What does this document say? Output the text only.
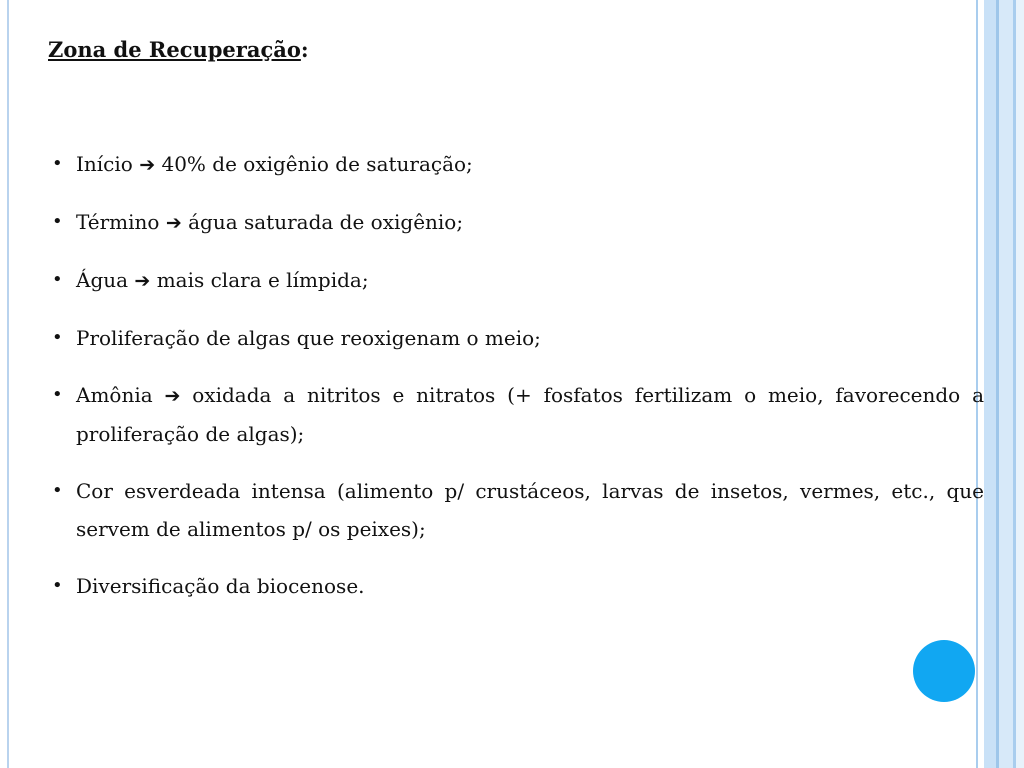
Zona de Recuperação:
• Início ➔ 40% de oxigênio de saturação;
• Término ➔ água saturada de oxigênio;
• Água ➔ mais clara e límpida;
• Proliferação de algas que reoxigenam o meio;
• Amônia ➔ oxidada a nitritos e nitratos (+ fosfatos fertilizam o meio, favorecendo a proliferação de algas);
• Cor esverdeada intensa (alimento p/ crustáceos, larvas de insetos, vermes, etc., que servem de alimentos p/ os peixes);
• Diversificação da biocenose.
